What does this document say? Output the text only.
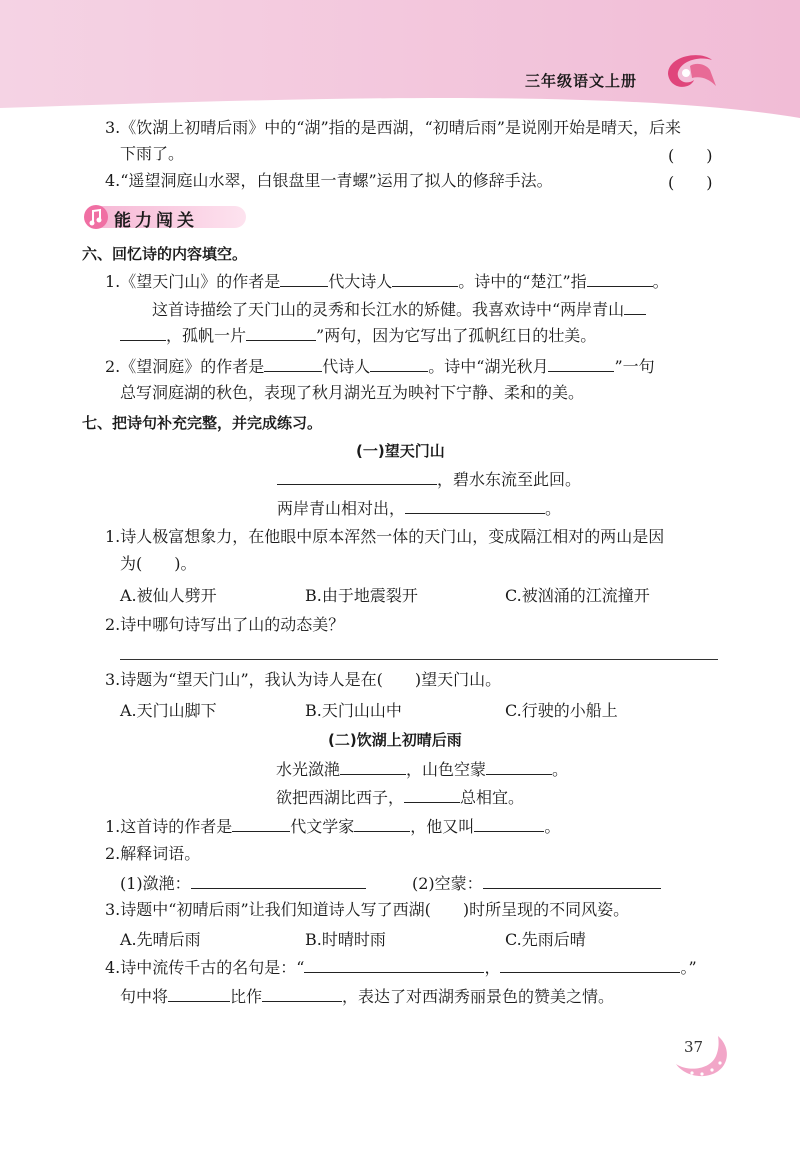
三年级语文上册
3.《饮湖上初晴后雨》中的“湖”指的是西湖，“初晴后雨”是说刚开始是晴天，后来
下雨了。	(　　)
4.“遥望洞庭山水翠，白银盘里一青螺”运用了拟人的修辞手法。	(　　)
能力闯关
六、回忆诗的内容填空。
1.《望天门山》的作者是	代大诗人	。诗中的“楚江”指	。
这首诗描绘了天门山的灵秀和长江水的矫健。我喜欢诗中“两岸青山
，孤帆一片	”两句，因为它写出了孤帆红日的壮美。
2.《望洞庭》的作者是	代诗人	。诗中“湖光秋月	”一句
总写洞庭湖的秋色，表现了秋月湖光互为映衬下宁静、柔和的美。
七、把诗句补充完整，并完成练习。
(一)望天门山
，碧水东流至此回。
两岸青山相对出，	。
1.诗人极富想象力，在他眼中原本浑然一体的天门山，变成隔江相对的两山是因
为(　　)。
A.被仙人劈开	B.由于地震裂开	C.被汹涌的江流撞开
2.诗中哪句诗写出了山的动态美？
3.诗题为“望天门山”，我认为诗人是在(　　)望天门山。
A.天门山脚下	B.天门山山中	C.行驶的小船上
(二)饮湖上初晴后雨
水光潋滟	，山色空蒙	。
欲把西湖比西子，	总相宜。
1.这首诗的作者是	代文学家	，他又叫	。
2.解释词语。
(1)潋滟：	(2)空蒙：
3.诗题中“初晴后雨”让我们知道诗人写了西湖(　　)时所呈现的不同风姿。
A.先晴后雨	B.时晴时雨	C.先雨后晴
4.诗中流传千古的名句是：“	，	。”
句中将	比作	，表达了对西湖秀丽景色的赞美之情。
37
